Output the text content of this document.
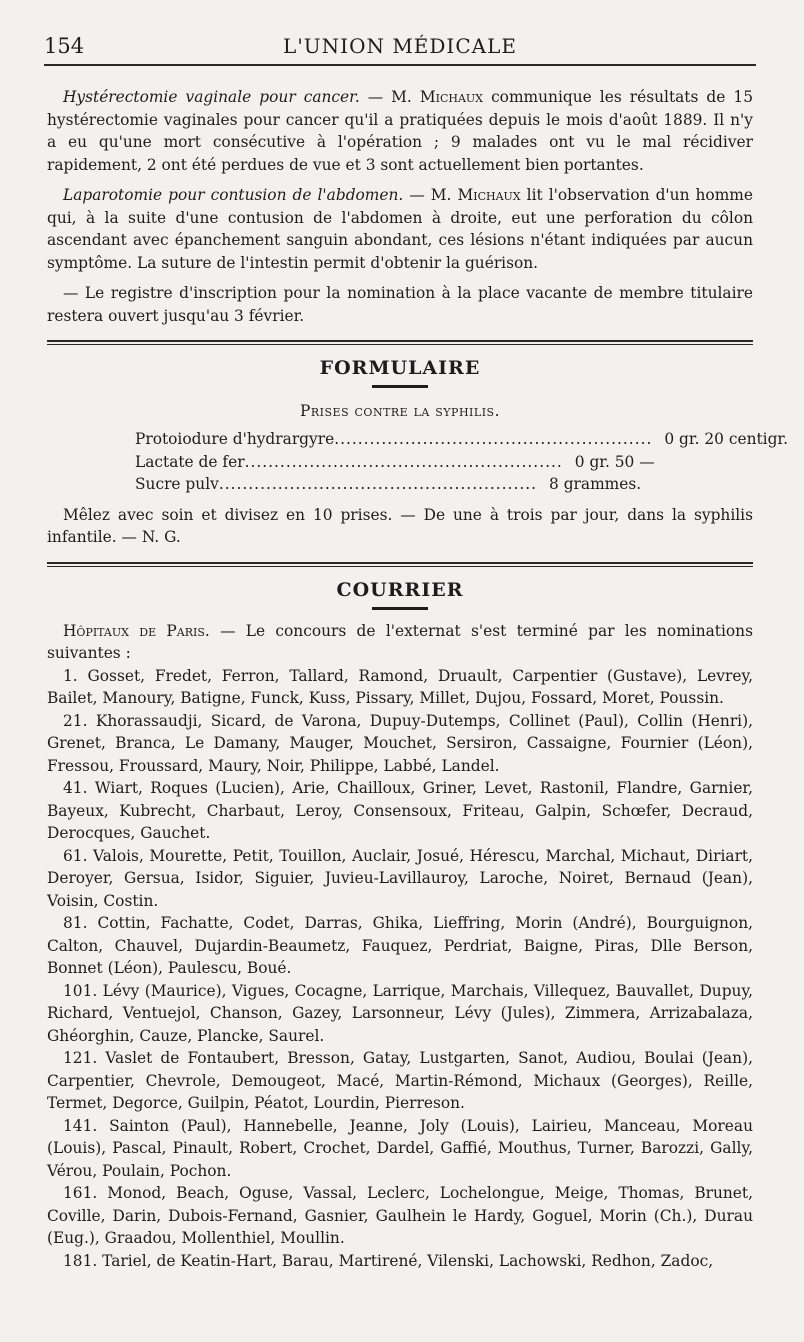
154	L'UNION MÉDICALE

Hystérectomie vaginale pour cancer. — M. Michaux communique les résultats de 15 hystérectomie vaginales pour cancer qu'il a pratiquées depuis le mois d'août 1889. Il n'y a eu qu'une mort consécutive à l'opération ; 9 malades ont vu le mal récidiver rapidement, 2 ont été perdues de vue et 3 sont actuellement bien portantes.

Laparotomie pour contusion de l'abdomen. — M. Michaux lit l'observation d'un homme qui, à la suite d'une contusion de l'abdomen à droite, eut une perforation du côlon ascendant avec épanchement sanguin abondant, ces lésions n'étant indiquées par aucun symptôme. La suture de l'intestin permit d'obtenir la guérison.

— Le registre d'inscription pour la nomination à la place vacante de membre titulaire restera ouvert jusqu'au 3 février.

FORMULAIRE
Prises contre la syphilis.
Protoiodure d'hydrargyre ...................................................... 0 gr. 20 centigr.
Lactate de fer ...................................................... 0 gr. 50 —
Sucre pulv ...................................................... 8 grammes.

Mêlez avec soin et divisez en 10 prises. — De une à trois par jour, dans la syphilis infantile. — N. G.

COURRIER

Hôpitaux de Paris. — Le concours de l'externat s'est terminé par les nominations suivantes :

1. Gosset, Fredet, Ferron, Tallard, Ramond, Druault, Carpentier (Gustave), Levrey, Bailet, Manoury, Batigne, Funck, Kuss, Pissary, Millet, Dujou, Fossard, Moret, Poussin.

21. Khorassaudji, Sicard, de Varona, Dupuy-Dutemps, Collinet (Paul), Collin (Henri), Grenet, Branca, Le Damany, Mauger, Mouchet, Sersiron, Cassaigne, Fournier (Léon), Fressou, Froussard, Maury, Noir, Philippe, Labbé, Landel.

41. Wiart, Roques (Lucien), Arie, Chailloux, Griner, Levet, Rastonil, Flandre, Garnier, Bayeux, Kubrecht, Charbaut, Leroy, Consensoux, Friteau, Galpin, Schœfer, Decraud, Derocques, Gauchet.

61. Valois, Mourette, Petit, Touillon, Auclair, Josué, Hérescu, Marchal, Michaut, Diriart, Deroyer, Gersua, Isidor, Siguier, Juvieu-Lavillauroy, Laroche, Noiret, Bernaud (Jean), Voisin, Costin.

81. Cottin, Fachatte, Codet, Darras, Ghika, Lieffring, Morin (André), Bourguignon, Calton, Chauvel, Dujardin-Beaumetz, Fauquez, Perdriat, Baigne, Piras, Dlle Berson, Bonnet (Léon), Paulescu, Boué.

101. Lévy (Maurice), Vigues, Cocagne, Larrique, Marchais, Villequez, Bauvallet, Dupuy, Richard, Ventuejol, Chanson, Gazey, Larsonneur, Lévy (Jules), Zimmera, Arrizabalaza, Ghéorghin, Cauze, Plancke, Saurel.

121. Vaslet de Fontaubert, Bresson, Gatay, Lustgarten, Sanot, Audiou, Boulai (Jean), Carpentier, Chevrole, Demougeot, Macé, Martin-Rémond, Michaux (Georges), Reille, Termet, Degorce, Guilpin, Péatot, Lourdin, Pierreson.

141. Sainton (Paul), Hannebelle, Jeanne, Joly (Louis), Lairieu, Manceau, Moreau (Louis), Pascal, Pinault, Robert, Crochet, Dardel, Gaffié, Mouthus, Turner, Barozzi, Gally, Vérou, Poulain, Pochon.

161. Monod, Beach, Oguse, Vassal, Leclerc, Lochelongue, Meige, Thomas, Brunet, Coville, Darin, Dubois-Fernand, Gasnier, Gaulhein le Hardy, Goguel, Morin (Ch.), Durau (Eug.), Graadou, Mollenthiel, Moullin.

181. Tariel, de Keatin-Hart, Barau, Martirené, Vilenski, Lachowski, Redhon, Zadoc,
